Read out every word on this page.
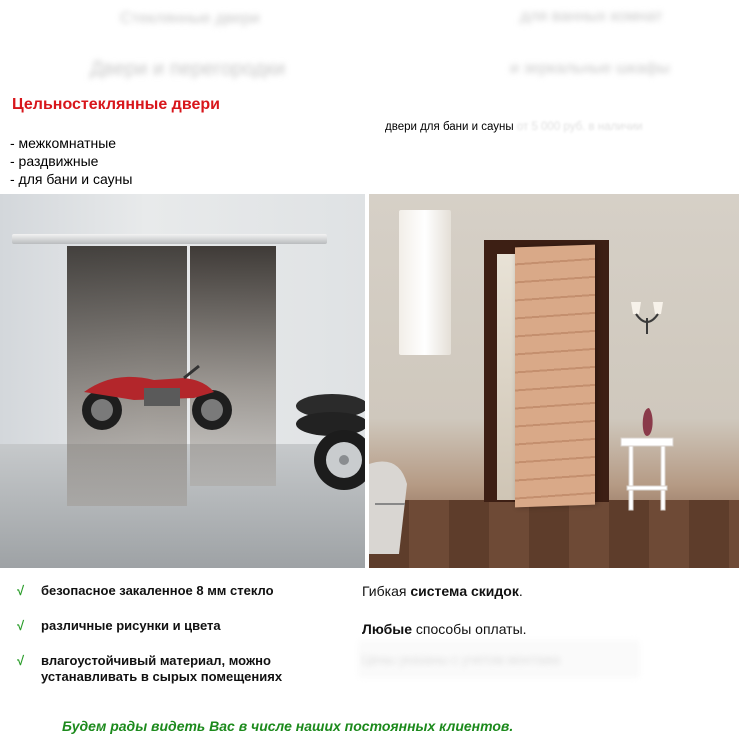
Стеклянные двери
Двери и перегородки
для ванных комнат
и зеркальные шкафы
Цельностеклянные двери
- межкомнатные
- раздвижные
- для бани и сауны
двери для бани и сауны от 5 000 руб. в наличии
√	безопасное закаленное 8 мм стекло
√	различные рисунки и цвета
√	влагоустойчивый материал, можно устанавливать в сырых помещениях
Гибкая системa скидок.
Любые способы оплаты.
Цены указаны с учетом монтажа
Будем рады видеть Вас в числе наших постоянных клиентов.
